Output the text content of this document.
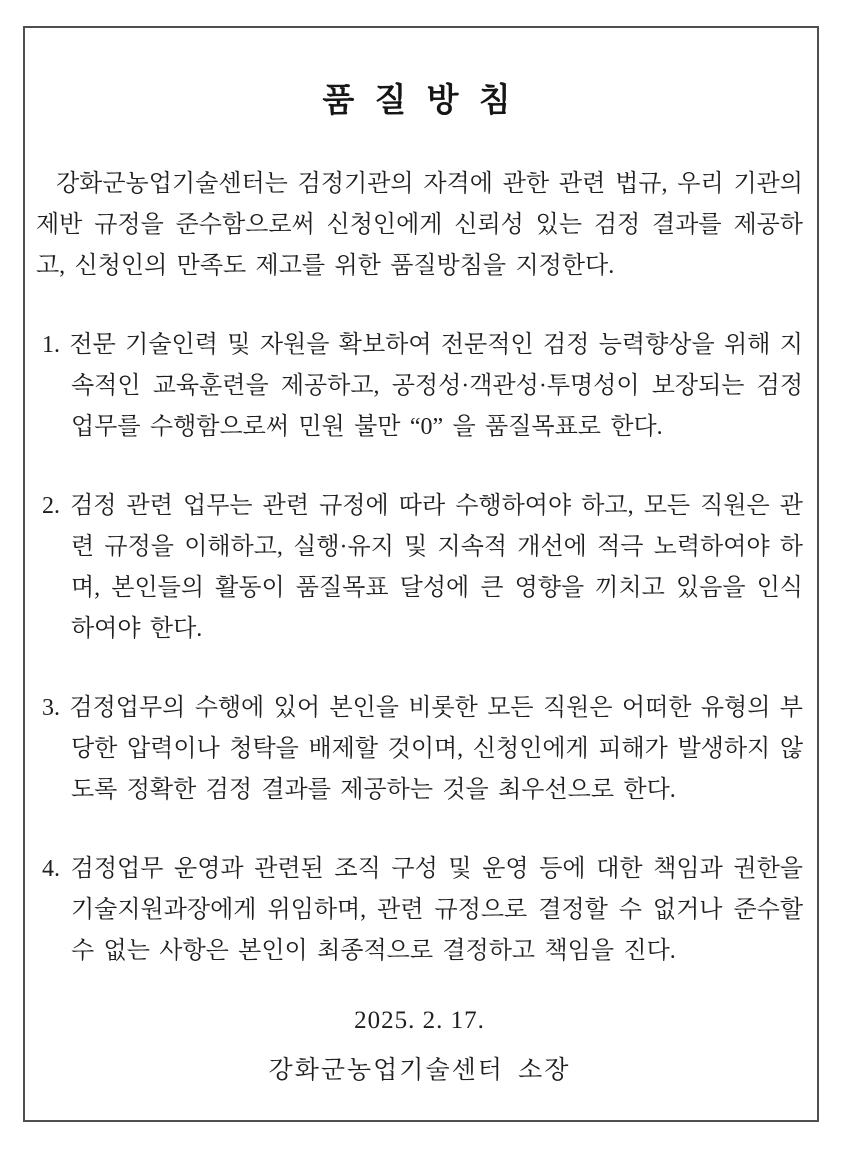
품 질 방 침

강화군농업기술센터는 검정기관의 자격에 관한 관련 법규, 우리 기관의 제반 규정을 준수함으로써 신청인에게 신뢰성 있는 검정 결과를 제공하고, 신청인의 만족도 제고를 위한 품질방침을 지정한다.

1. 전문 기술인력 및 자원을 확보하여 전문적인 검정 능력향상을 위해 지속적인 교육훈련을 제공하고, 공정성·객관성·투명성이 보장되는 검정 업무를 수행함으로써 민원 불만 “0” 을 품질목표로 한다.
2. 검정 관련 업무는 관련 규정에 따라 수행하여야 하고, 모든 직원은 관련 규정을 이해하고, 실행·유지 및 지속적 개선에 적극 노력하여야 하며, 본인들의 활동이 품질목표 달성에 큰 영향을 끼치고 있음을 인식하여야 한다.
3. 검정업무의 수행에 있어 본인을 비롯한 모든 직원은 어떠한 유형의 부당한 압력이나 청탁을 배제할 것이며, 신청인에게 피해가 발생하지 않도록 정확한 검정 결과를 제공하는 것을 최우선으로 한다.
4. 검정업무 운영과 관련된 조직 구성 및 운영 등에 대한 책임과 권한을 기술지원과장에게 위임하며, 관련 규정으로 결정할 수 없거나 준수할 수 없는 사항은 본인이 최종적으로 결정하고 책임을 진다.

2025. 2. 17.

강화군농업기술센터 소장
